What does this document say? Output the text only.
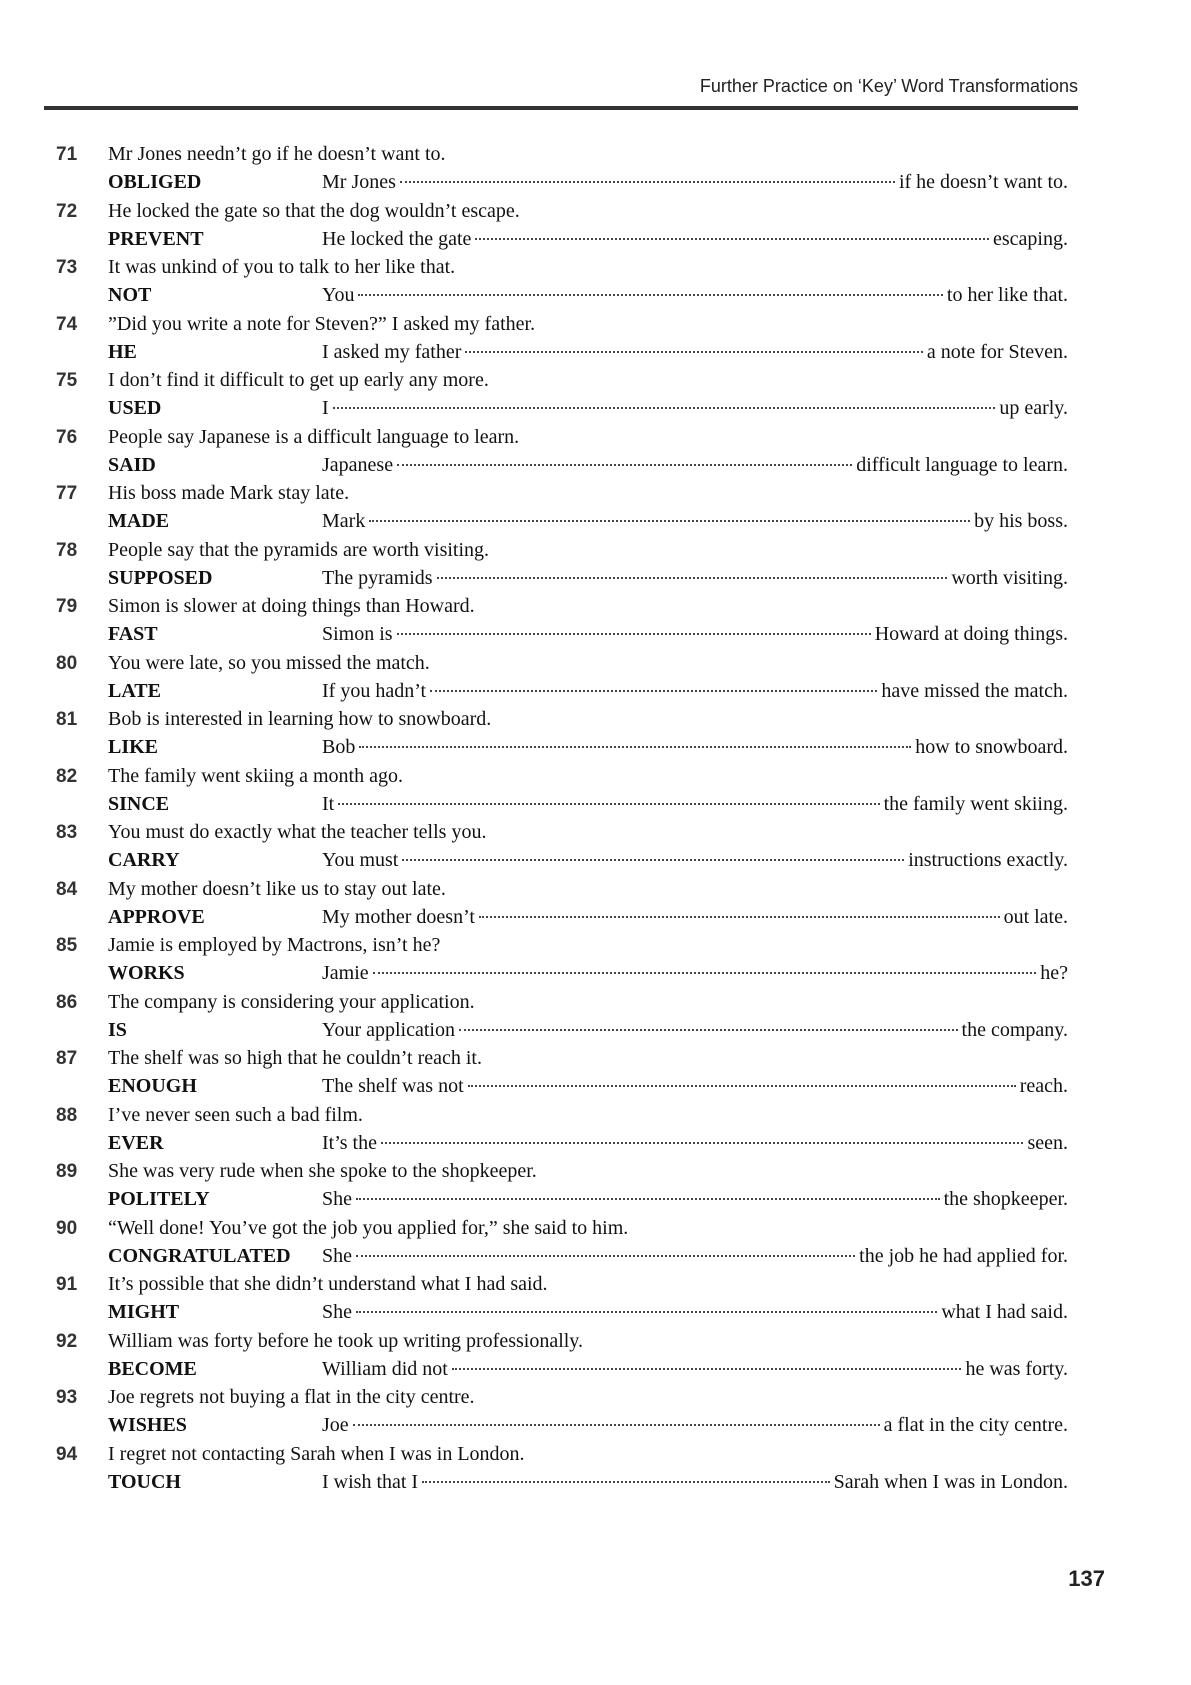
Further Practice on ‘Key’ Word Transformations
71	Mr Jones needn’t go if he doesn’t want to.
OBLIGED	Mr Jones	if he doesn’t want to.
72	He locked the gate so that the dog wouldn’t escape.
PREVENT	He locked the gate	escaping.
73	It was unkind of you to talk to her like that.
NOT	You	to her like that.
74	”Did you write a note for Steven?” I asked my father.
HE	I asked my father	a note for Steven.
75	I don’t find it difficult to get up early any more.
USED	I	up early.
76	People say Japanese is a difficult language to learn.
SAID	Japanese	difficult language to learn.
77	His boss made Mark stay late.
MADE	Mark	by his boss.
78	People say that the pyramids are worth visiting.
SUPPOSED	The pyramids	worth visiting.
79	Simon is slower at doing things than Howard.
FAST	Simon is	Howard at doing things.
80	You were late, so you missed the match.
LATE	If you hadn’t	have missed the match.
81	Bob is interested in learning how to snowboard.
LIKE	Bob	how to snowboard.
82	The family went skiing a month ago.
SINCE	It	the family went skiing.
83	You must do exactly what the teacher tells you.
CARRY	You must	instructions exactly.
84	My mother doesn’t like us to stay out late.
APPROVE	My mother doesn’t	out late.
85	Jamie is employed by Mactrons, isn’t he?
WORKS	Jamie	he?
86	The company is considering your application.
IS	Your application	the company.
87	The shelf was so high that he couldn’t reach it.
ENOUGH	The shelf was not	reach.
88	I’ve never seen such a bad film.
EVER	It’s the	seen.
89	She was very rude when she spoke to the shopkeeper.
POLITELY	She	the shopkeeper.
90	“Well done! You’ve got the job you applied for,” she said to him.
CONGRATULATED	She	the job he had applied for.
91	It’s possible that she didn’t understand what I had said.
MIGHT	She	what I had said.
92	William was forty before he took up writing professionally.
BECOME	William did not	he was forty.
93	Joe regrets not buying a flat in the city centre.
WISHES	Joe	a flat in the city centre.
94	I regret not contacting Sarah when I was in London.
TOUCH	I wish that I	Sarah when I was in London.
137
